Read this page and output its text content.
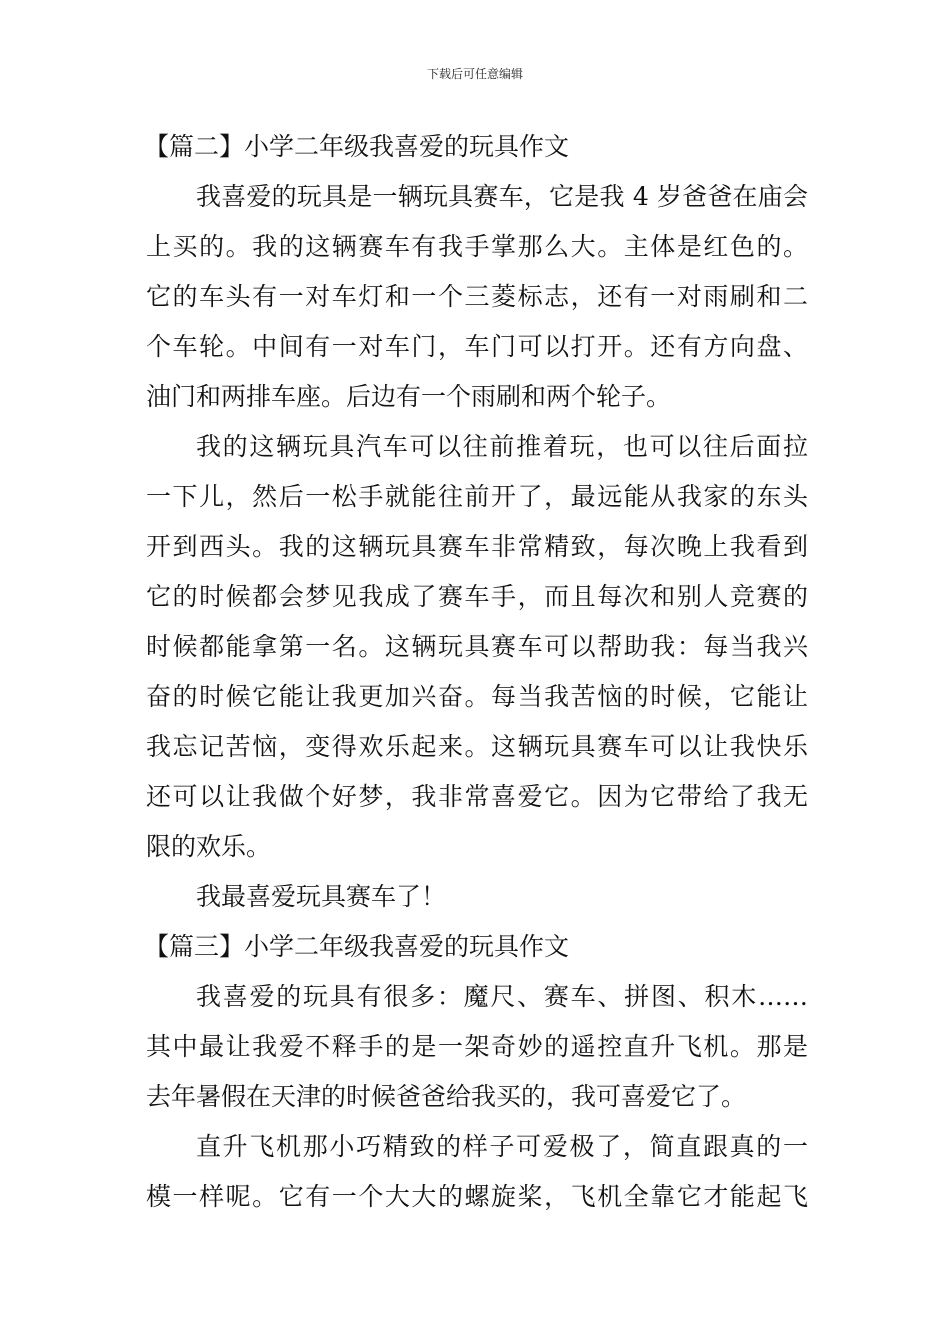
下载后可任意编辑
【篇二】小学二年级我喜爱的玩具作文
我喜爱的玩具是一辆玩具赛车，它是我 4 岁爸爸在庙会
上买的。我的这辆赛车有我手掌那么大。主体是红色的。
它的车头有一对车灯和一个三菱标志，还有一对雨刷和二
个车轮。中间有一对车门，车门可以打开。还有方向盘、
油门和两排车座。后边有一个雨刷和两个轮子。
我的这辆玩具汽车可以往前推着玩，也可以往后面拉
一下儿，然后一松手就能往前开了，最远能从我家的东头
开到西头。我的这辆玩具赛车非常精致，每次晚上我看到
它的时候都会梦见我成了赛车手，而且每次和别人竞赛的
时候都能拿第一名。这辆玩具赛车可以帮助我：每当我兴
奋的时候它能让我更加兴奋。每当我苦恼的时候，它能让
我忘记苦恼，变得欢乐起来。这辆玩具赛车可以让我快乐
还可以让我做个好梦，我非常喜爱它。因为它带给了我无
限的欢乐。
我最喜爱玩具赛车了！
【篇三】小学二年级我喜爱的玩具作文
我喜爱的玩具有很多：魔尺、赛车、拼图、积木……
其中最让我爱不释手的是一架奇妙的遥控直升飞机。那是
去年暑假在天津的时候爸爸给我买的，我可喜爱它了。
直升飞机那小巧精致的样子可爱极了，简直跟真的一
模一样呢。它有一个大大的螺旋桨，飞机全靠它才能起飞
